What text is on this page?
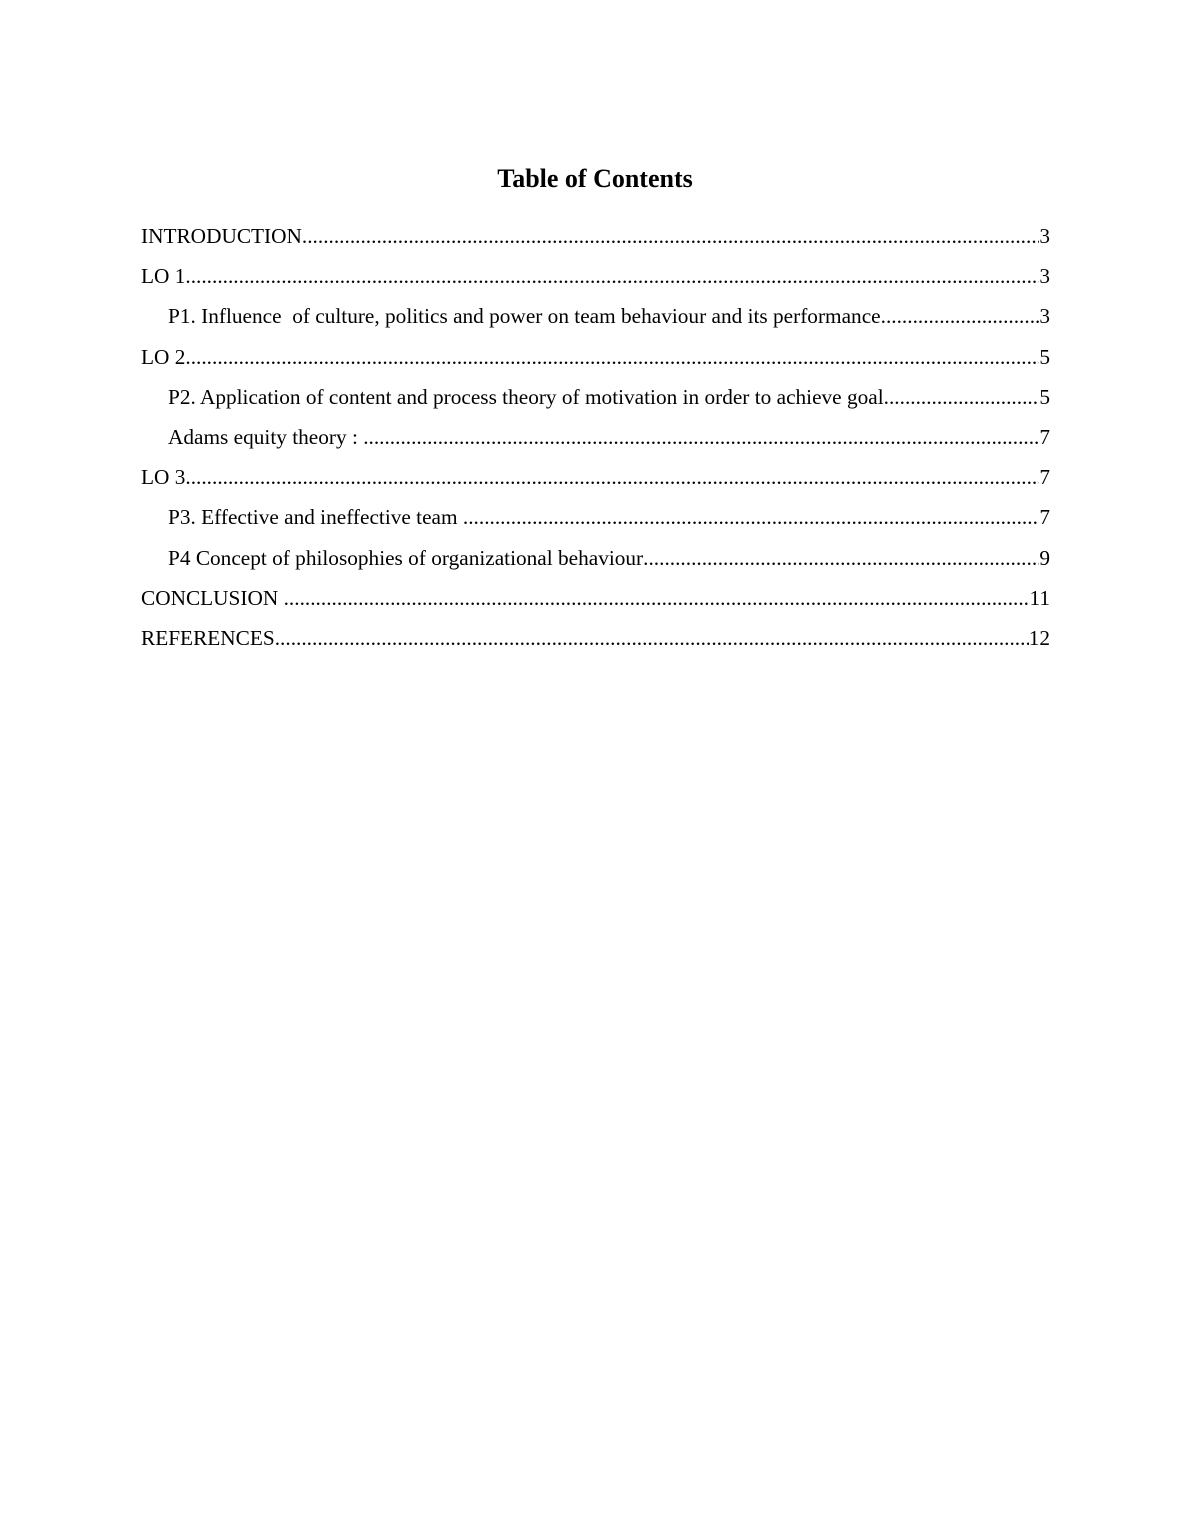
Table of Contents
INTRODUCTION .....	3
LO 1 .....	3
P1. Influence  of culture, politics and power on team behaviour and its performance .....	3
LO 2 .....	5
P2. Application of content and process theory of motivation in order to achieve goal .....	5
Adams equity theory : .....	7
LO 3 .....	7
P3. Effective and ineffective team .....	7
P4 Concept of philosophies of organizational behaviour .....	9
CONCLUSION .....	11
REFERENCES .....	12
